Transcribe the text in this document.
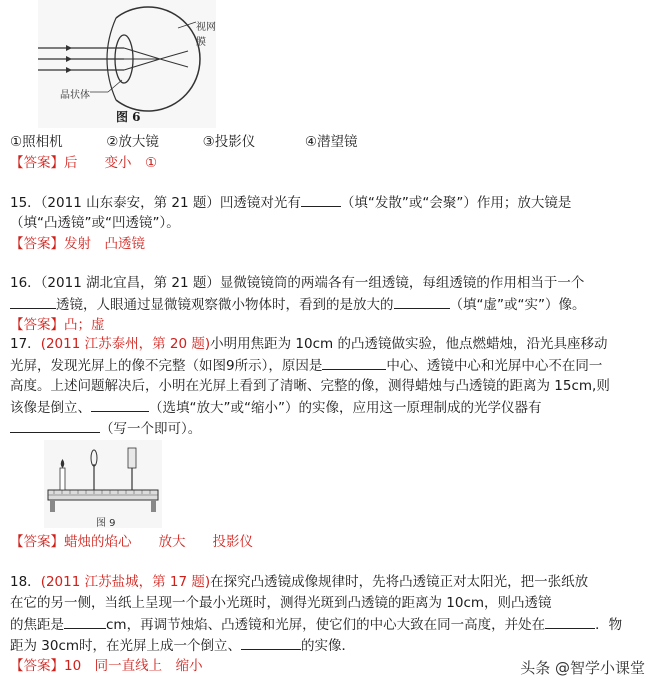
视网膜
晶状体
图 6
①照相机	②放大镜	③投影仪	④潜望镜
【答案】后　　变小　①
15．（2011 山东泰安，第 21 题）凹透镜对光有	（填“发散”或“会聚”）作用；放大镜是
（填“凸透镜”或“凹透镜”）。
【答案】发射　凸透镜
16．（2011 湖北宜昌，第 21 题）显微镜镜筒的两端各有一组透镜，每组透镜的作用相当于一个
透镜，人眼通过显微镜观察微小物体时，看到的是放大的	（填“虚”或“实”）像。
【答案】凸；虚
17．(2011 江苏泰州，第 20 题)小明用焦距为 10cm 的凸透镜做实验，他点燃蜡烛，沿光具座移动
光屏，发现光屏上的像不完整（如图9所示），原因是	中心、透镜中心和光屏中心不在同一
高度。上述问题解决后，小明在光屏上看到了清晰、完整的像，测得蜡烛与凸透镜的距离为 15cm,则
该像是倒立、	（选填“放大”或“缩小”）的实像，应用这一原理制成的光学仪器有
（写一个即可）。
图 9
【答案】蜡烛的焰心　　放大　　投影仪
18．(2011 江苏盐城，第 17 题)在探究凸透镜成像规律时，先将凸透镜正对太阳光，把一张纸放
在它的另一侧，当纸上呈现一个最小光斑时，测得光斑到凸透镜的距离为 10cm，则凸透镜
的焦距是	cm，再调节烛焰、凸透镜和光屏，使它们的中心大致在同一高度，并处在	．物
距为 30cm时，在光屏上成一个倒立、	的实像．
【答案】10　同一直线上　缩小	头条 @智学小课堂
